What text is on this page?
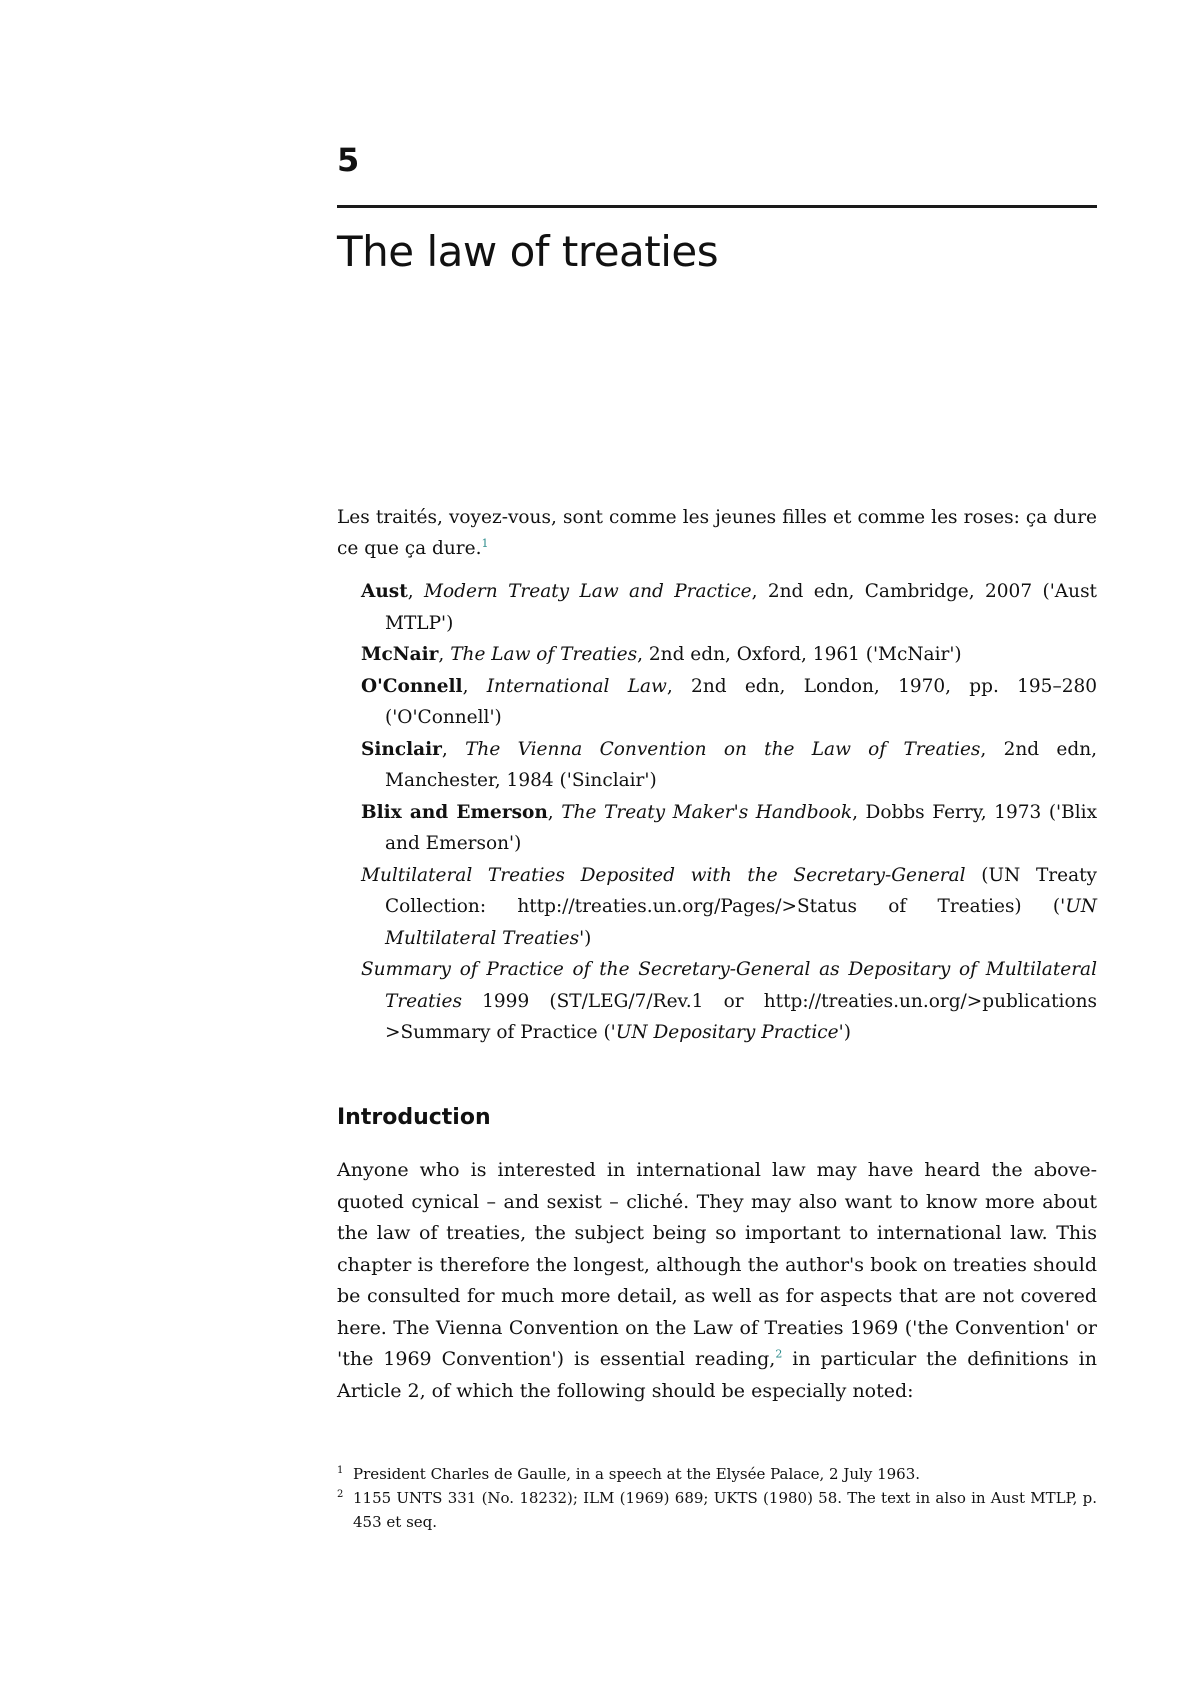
5
The law of treaties

Les traités, voyez-vous, sont comme les jeunes filles et comme les roses: ça dure ce que ça dure.$^1$

Aust, Modern Treaty Law and Practice, 2nd edn, Cambridge, 2007 ('Aust MTLP')
McNair, The Law of Treaties, 2nd edn, Oxford, 1961 ('McNair')
O'Connell, International Law, 2nd edn, London, 1970, pp. 195–280 ('O'Connell')
Sinclair, The Vienna Convention on the Law of Treaties, 2nd edn, Manchester, 1984 ('Sinclair')
Blix and Emerson, The Treaty Maker's Handbook, Dobbs Ferry, 1973 ('Blix and Emerson')
Multilateral Treaties Deposited with the Secretary-General (UN Treaty Collection: http://treaties.un.org/Pages/>Status of Treaties) ('UN Multilateral Treaties')
Summary of Practice of the Secretary-General as Depositary of Multilateral Treaties 1999 (ST/LEG/7/Rev.1 or http://treaties.un.org/>publications >Summary of Practice ('UN Depositary Practice')
Introduction

Anyone who is interested in international law may have heard the above-quoted cynical – and sexist – cliché. They may also want to know more about the law of treaties, the subject being so important to international law. This chapter is therefore the longest, although the author's book on treaties should be consulted for much more detail, as well as for aspects that are not covered here. The Vienna Convention on the Law of Treaties 1969 ('the Convention' or 'the 1969 Convention') is essential reading,$^2$ in particular the definitions in Article 2, of which the following should be especially noted:

1 President Charles de Gaulle, in a speech at the Elysée Palace, 2 July 1963.
2 1155 UNTS 331 (No. 18232); ILM (1969) 689; UKTS (1980) 58. The text in also in Aust MTLP, p. 453 et seq.
